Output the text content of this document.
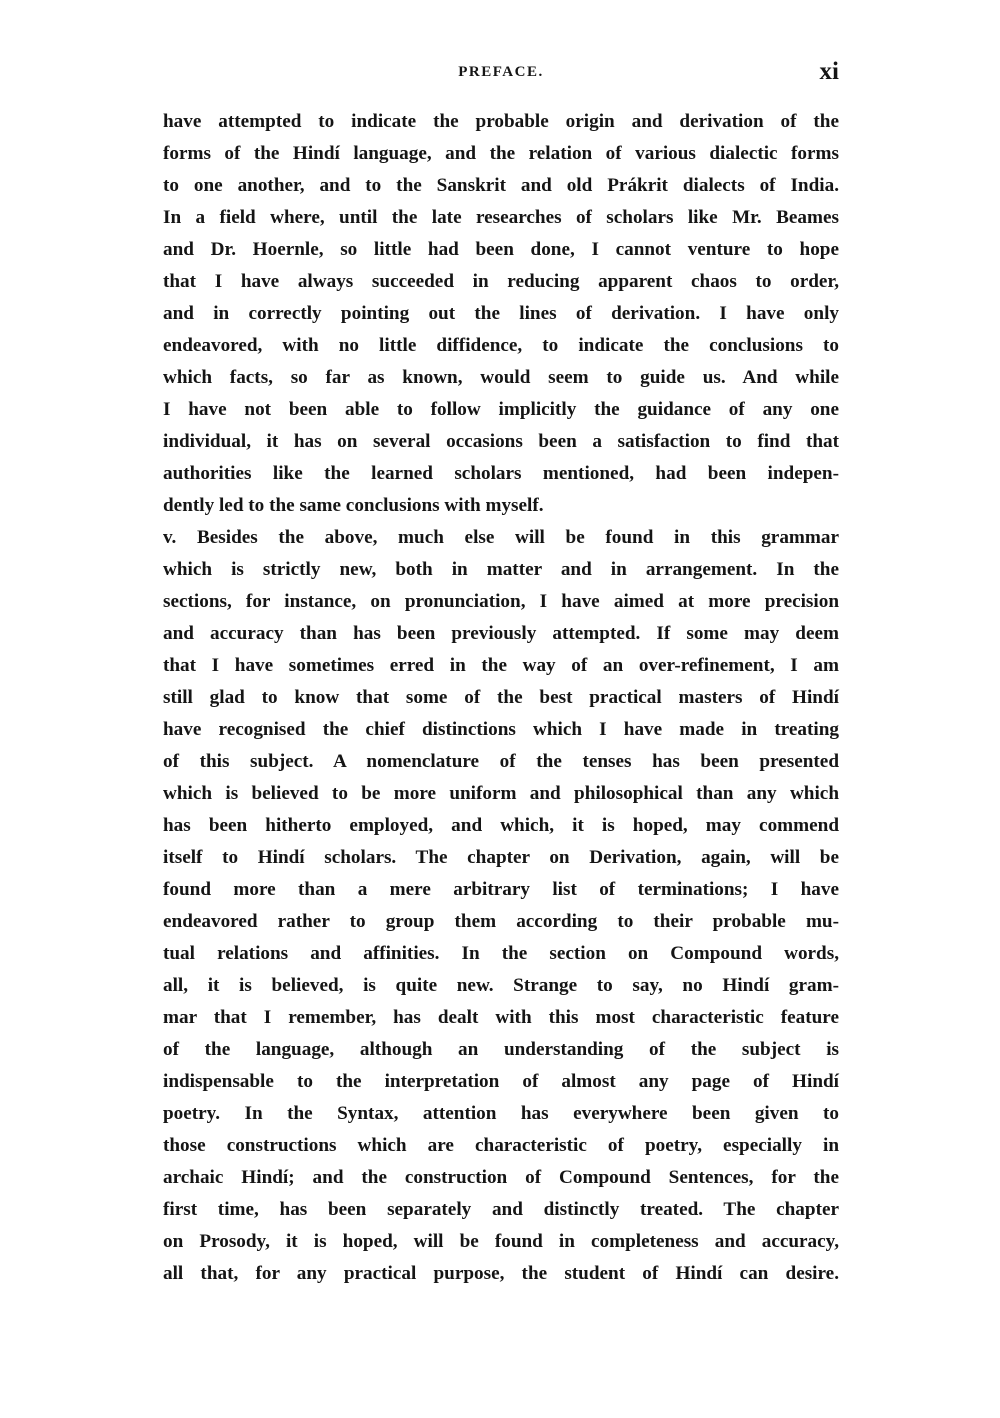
PREFACE.	xi
have attempted to indicate the probable origin and derivation of the
forms of the Hindí language, and the relation of various dialectic forms
to one another, and to the Sanskrit and old Prákrit dialects of India.
In a field where, until the late researches of scholars like Mr. Beames
and Dr. Hoernle, so little had been done, I cannot venture to hope
that I have always succeeded in reducing apparent chaos to order,
and in correctly pointing out the lines of derivation. I have only
endeavored, with no little diffidence, to indicate the conclusions to
which facts, so far as known, would seem to guide us. And while
I have not been able to follow implicitly the guidance of any one
individual, it has on several occasions been a satisfaction to find that
authorities like the learned scholars mentioned, had been indepen-
dently led to the same conclusions with myself.
v. Besides the above, much else will be found in this grammar
which is strictly new, both in matter and in arrangement. In the
sections, for instance, on pronunciation, I have aimed at more precision
and accuracy than has been previously attempted. If some may deem
that I have sometimes erred in the way of an over-refinement, I am
still glad to know that some of the best practical masters of Hindí
have recognised the chief distinctions which I have made in treating
of this subject. A nomenclature of the tenses has been presented
which is believed to be more uniform and philosophical than any which
has been hitherto employed, and which, it is hoped, may commend
itself to Hindí scholars. The chapter on Derivation, again, will be
found more than a mere arbitrary list of terminations; I have
endeavored rather to group them according to their probable mu-
tual relations and affinities. In the section on Compound words,
all, it is believed, is quite new. Strange to say, no Hindí gram-
mar that I remember, has dealt with this most characteristic feature
of the language, although an understanding of the subject is
indispensable to the interpretation of almost any page of Hindí
poetry. In the Syntax, attention has everywhere been given to
those constructions which are characteristic of poetry, especially in
archaic Hindí; and the construction of Compound Sentences, for the
first time, has been separately and distinctly treated. The chapter
on Prosody, it is hoped, will be found in completeness and accuracy,
all that, for any practical purpose, the student of Hindí can desire.
